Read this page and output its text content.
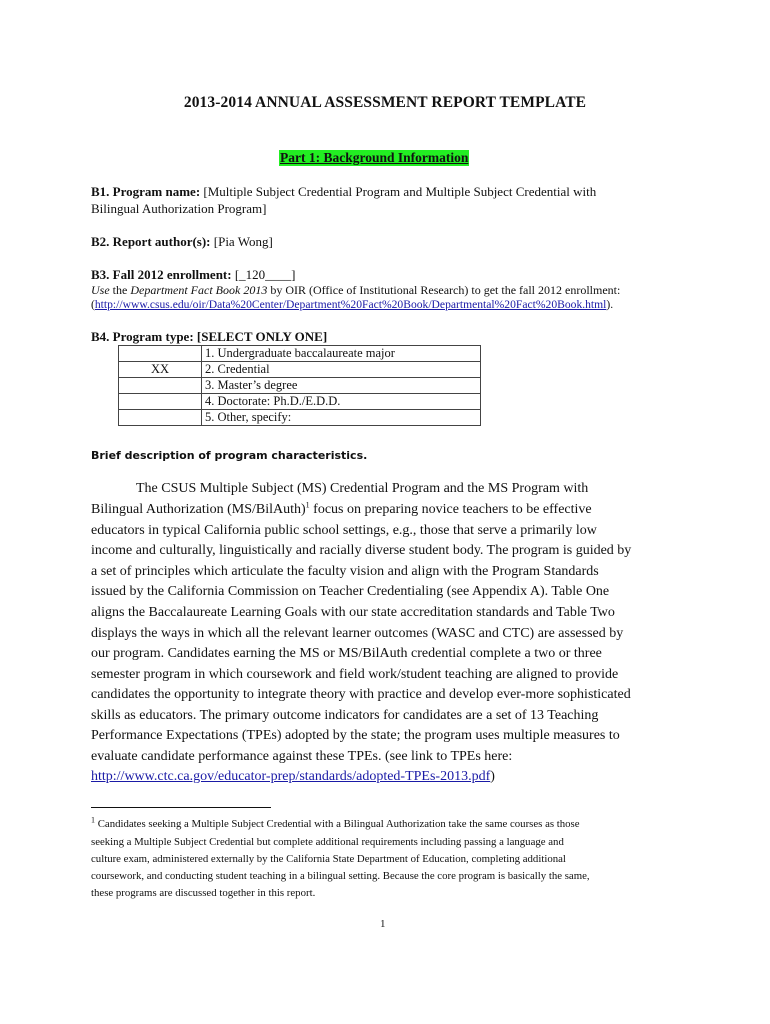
2013-2014 ANNUAL ASSESSMENT REPORT TEMPLATE
Part 1: Background Information
B1. Program name: [Multiple Subject Credential Program and Multiple Subject Credential with
Bilingual Authorization Program]
B2. Report author(s): [Pia Wong]
B3. Fall 2012 enrollment: [_120____]
Use the Department Fact Book 2013 by OIR (Office of Institutional Research) to get the fall 2012 enrollment:
(http://www.csus.edu/oir/Data%20Center/Department%20Fact%20Book/Departmental%20Fact%20Book.html).
B4. Program type: [SELECT ONLY ONE]
	1. Undergraduate baccalaureate major
XX	2. Credential
	3. Master’s degree
	4. Doctorate: Ph.D./E.D.D.
	5. Other, specify:
Brief description of program characteristics.
The CSUS Multiple Subject (MS) Credential Program and the MS Program with
Bilingual Authorization (MS/BilAuth)$^1$ focus on preparing novice teachers to be effective
educators in typical California public school settings, e.g., those that serve a primarily low
income and culturally, linguistically and racially diverse student body. The program is guided by
a set of principles which articulate the faculty vision and align with the Program Standards
issued by the California Commission on Teacher Credentialing (see Appendix A). Table One
aligns the Baccalaureate Learning Goals with our state accreditation standards and Table Two
displays the ways in which all the relevant learner outcomes (WASC and CTC) are assessed by
our program. Candidates earning the MS or MS/BilAuth credential complete a two or three
semester program in which coursework and field work/student teaching are aligned to provide
candidates the opportunity to integrate theory with practice and develop ever-more sophisticated
skills as educators. The primary outcome indicators for candidates are a set of 13 Teaching
Performance Expectations (TPEs) adopted by the state; the program uses multiple measures to
evaluate candidate performance against these TPEs. (see link to TPEs here:
http://www.ctc.ca.gov/educator-prep/standards/adopted-TPEs-2013.pdf)
$^1$ Candidates seeking a Multiple Subject Credential with a Bilingual Authorization take the same courses as those
seeking a Multiple Subject Credential but complete additional requirements including passing a language and
culture exam, administered externally by the California State Department of Education, completing additional
coursework, and conducting student teaching in a bilingual setting. Because the core program is basically the same,
these programs are discussed together in this report.
1
